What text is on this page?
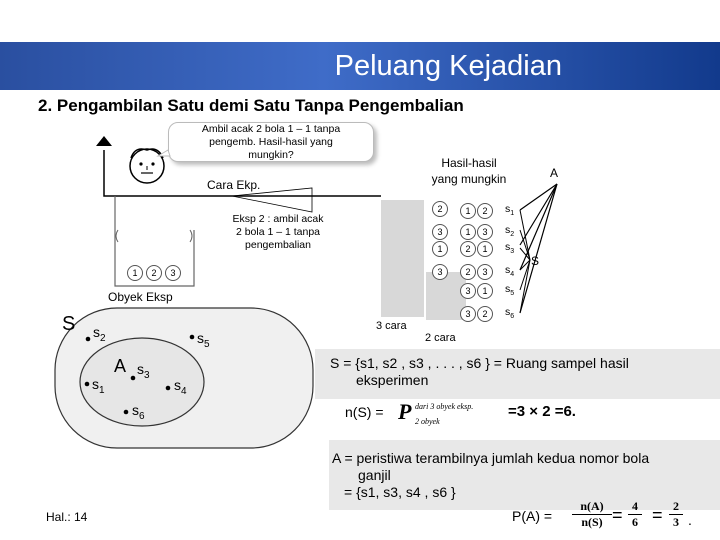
Peluang Kejadian
2. Pengambilan Satu demi Satu Tanpa Pengembalian
Ambil acak 2 bola 1 – 1 tanpa
pengemb. Hasil-hasil yang
mungkin?
1	2	3
Obyek Eksp
Cara Ekp.
Eksp 2 : ambil acak
2 bola 1 – 1 tanpa
pengembalian
Hasil-hasil
yang mungkin	A
S
2
3
1
3
1	2	$s_1$
1	3	$s_2$
2	1	$s_3$
2	3	$s_4$
3	1	$s_5$
3	2	$s_6$
3 cara
2 cara
S
A
$s_2$	$s_5$
$s_3$
$s_1$	$s_4$
$s_6$
S = {s1, s2 , s3 , . . . , s6 } = Ruang sampel hasil
eksperimen
n(S) = P dari 3 obyek eksp.
2 obyek
=3 × 2 =6.
A = peristiwa terambilnya jumlah kedua nomor bola
ganjil
= {s1, s3, s4 , s6 }
$P(A) = \frac{n(A)}{n(S)} = \frac{4}{6} = \frac{2}{3}$ .
Hal.: 14
